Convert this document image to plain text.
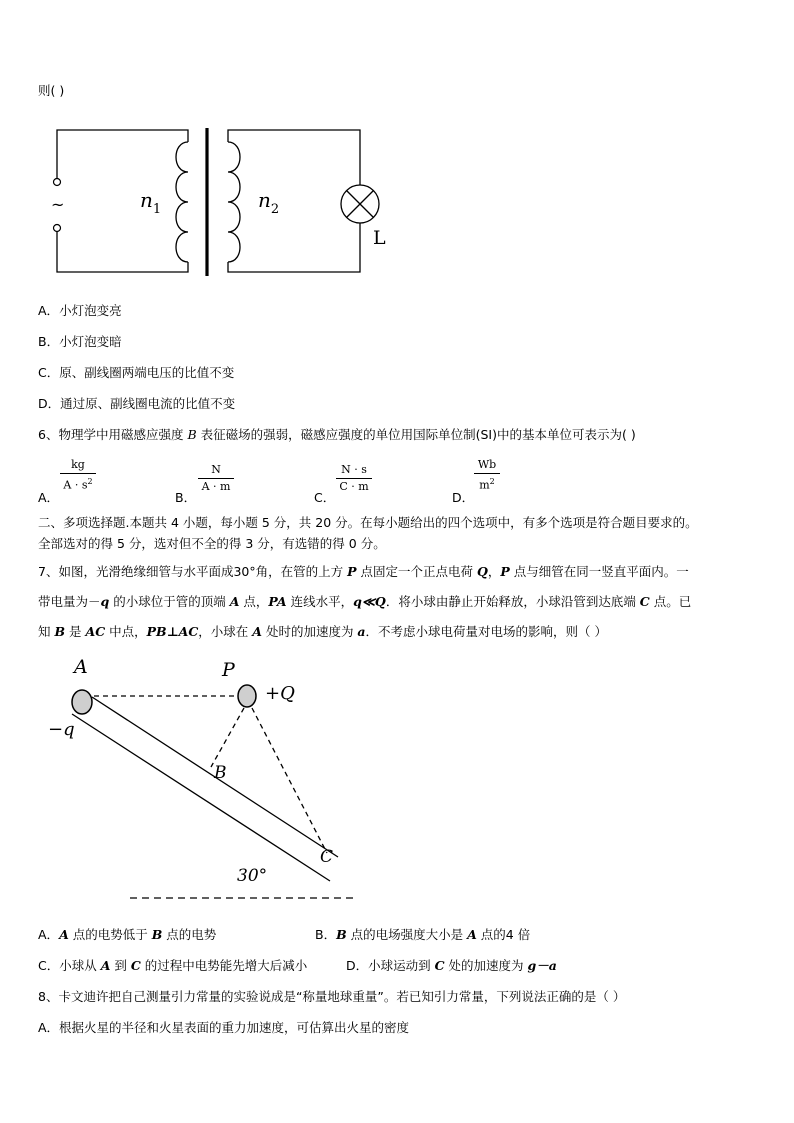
则( )
~	$n_1$	$n_2$
L
A．小灯泡变亮
B．小灯泡变暗
C．原、副线圈两端电压的比值不变
D．通过原、副线圈电流的比值不变
6、物理学中用磁感应强度 B 表征磁场的强弱，磁感应强度的单位用国际单位制(SI)中的基本单位可表示为( )
A．
kg
$A \cdot s^2$
B．
N
A · m
C．
N · s
C · m
D．
Wb
$m^2$
二、多项选择题.本题共 4 小题，每小题 5 分，共 20 分。在每小题给出的四个选项中，有多个选项是符合题目要求的。
全部选对的得 5 分，选对但不全的得 3 分，有选错的得 0 分。
7、如图，光滑绝缘细管与水平面成30°角，在管的上方 P 点固定一个正点电荷 Q，P 点与细管在同一竖直平面内。一
带电量为－q 的小球位于管的顶端 A 点，PA 连线水平，q≪Q．将小球由静止开始释放，小球沿管到达底端 C 点。已
知 B 是 AC 中点，PB⊥AC，小球在 A 处时的加速度为 a．不考虑小球电荷量对电场的影响，则（ ）
A	P
+Q
−q
B
C
30°
A．A 点的电势低于 B 点的电势	B．B 点的电场强度大小是 A 点的4 倍
C．小球从 A 到 C 的过程中电势能先增大后减小	D．小球运动到 C 处的加速度为 g－a
8、卡文迪许把自己测量引力常量的实验说成是“称量地球重量”。若已知引力常量，下列说法正确的是（ ）
A．根据火星的半径和火星表面的重力加速度，可估算出火星的密度
